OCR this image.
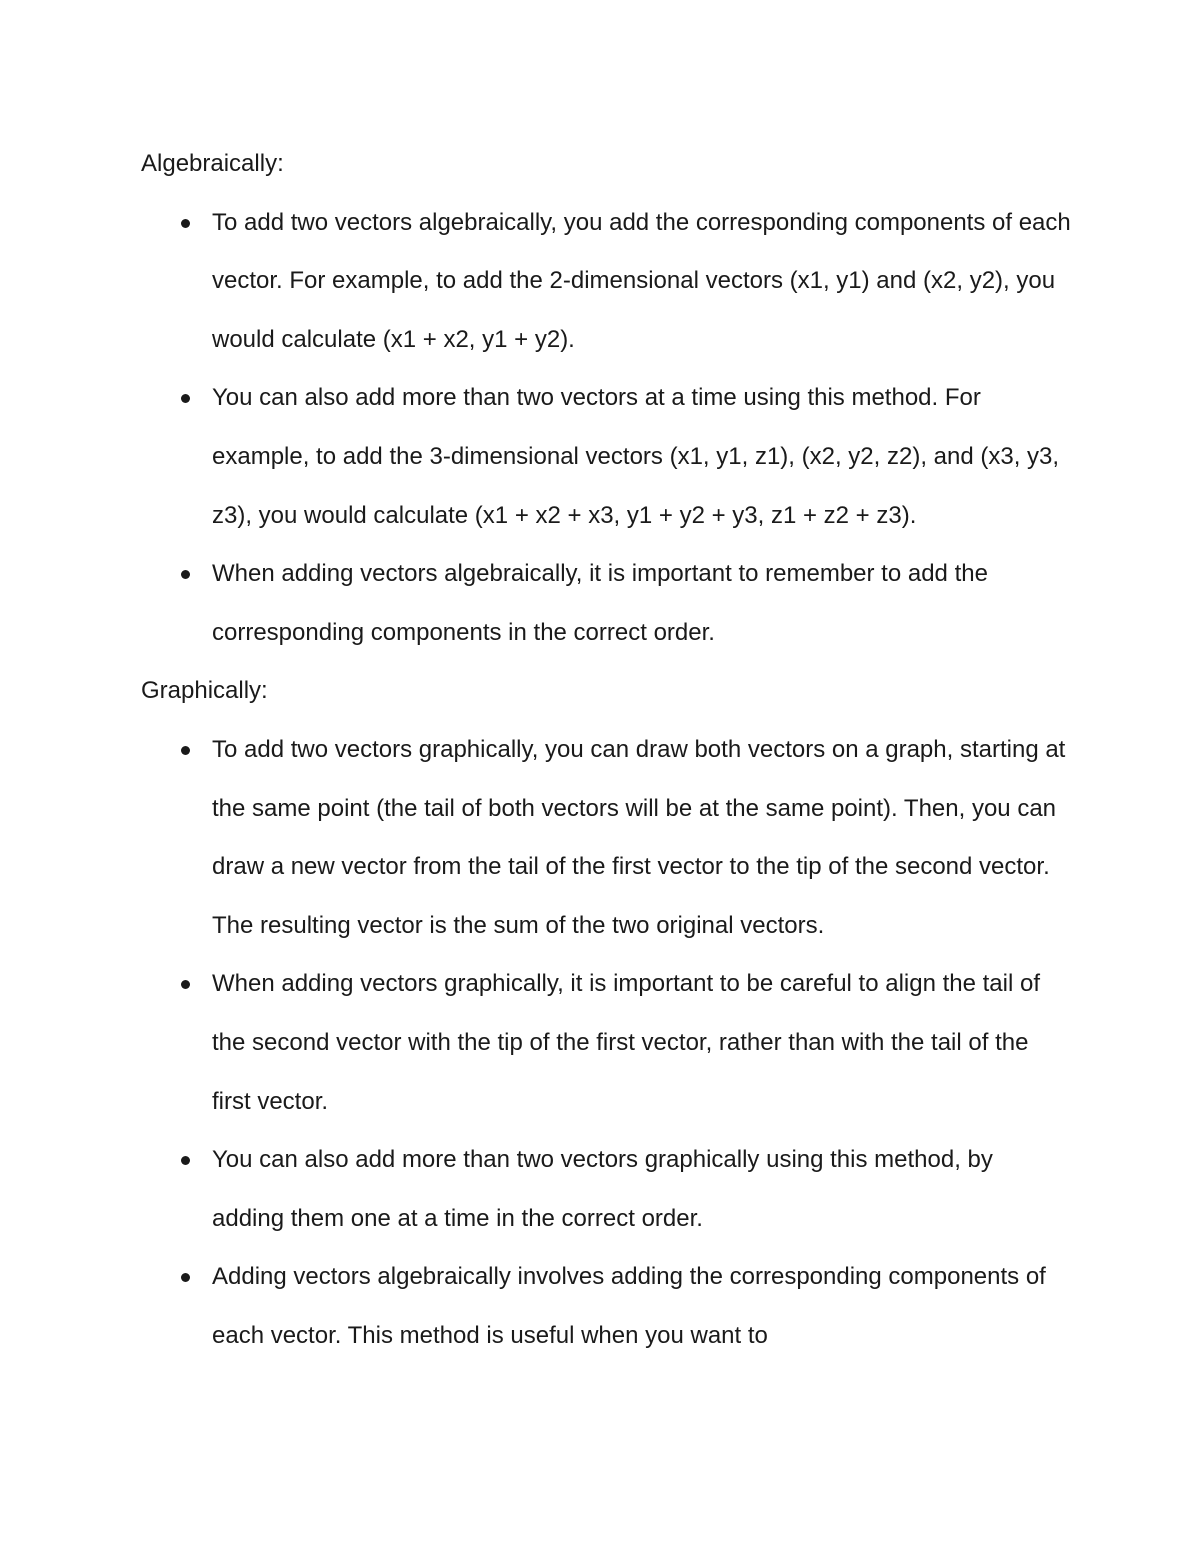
Algebraically:

To add two vectors algebraically, you add the corresponding components of each vector. For example, to add the 2-dimensional vectors (x1, y1) and (x2, y2), you would calculate (x1 + x2, y1 + y2).
You can also add more than two vectors at a time using this method. For example, to add the 3-dimensional vectors (x1, y1, z1), (x2, y2, z2), and (x3, y3, z3), you would calculate (x1 + x2 + x3, y1 + y2 + y3, z1 + z2 + z3).
When adding vectors algebraically, it is important to remember to add the corresponding components in the correct order.

Graphically:

To add two vectors graphically, you can draw both vectors on a graph, starting at the same point (the tail of both vectors will be at the same point). Then, you can draw a new vector from the tail of the first vector to the tip of the second vector. The resulting vector is the sum of the two original vectors.
When adding vectors graphically, it is important to be careful to align the tail of the second vector with the tip of the first vector, rather than with the tail of the first vector.
You can also add more than two vectors graphically using this method, by adding them one at a time in the correct order.
Adding vectors algebraically involves adding the corresponding components of each vector. This method is useful when you want to
